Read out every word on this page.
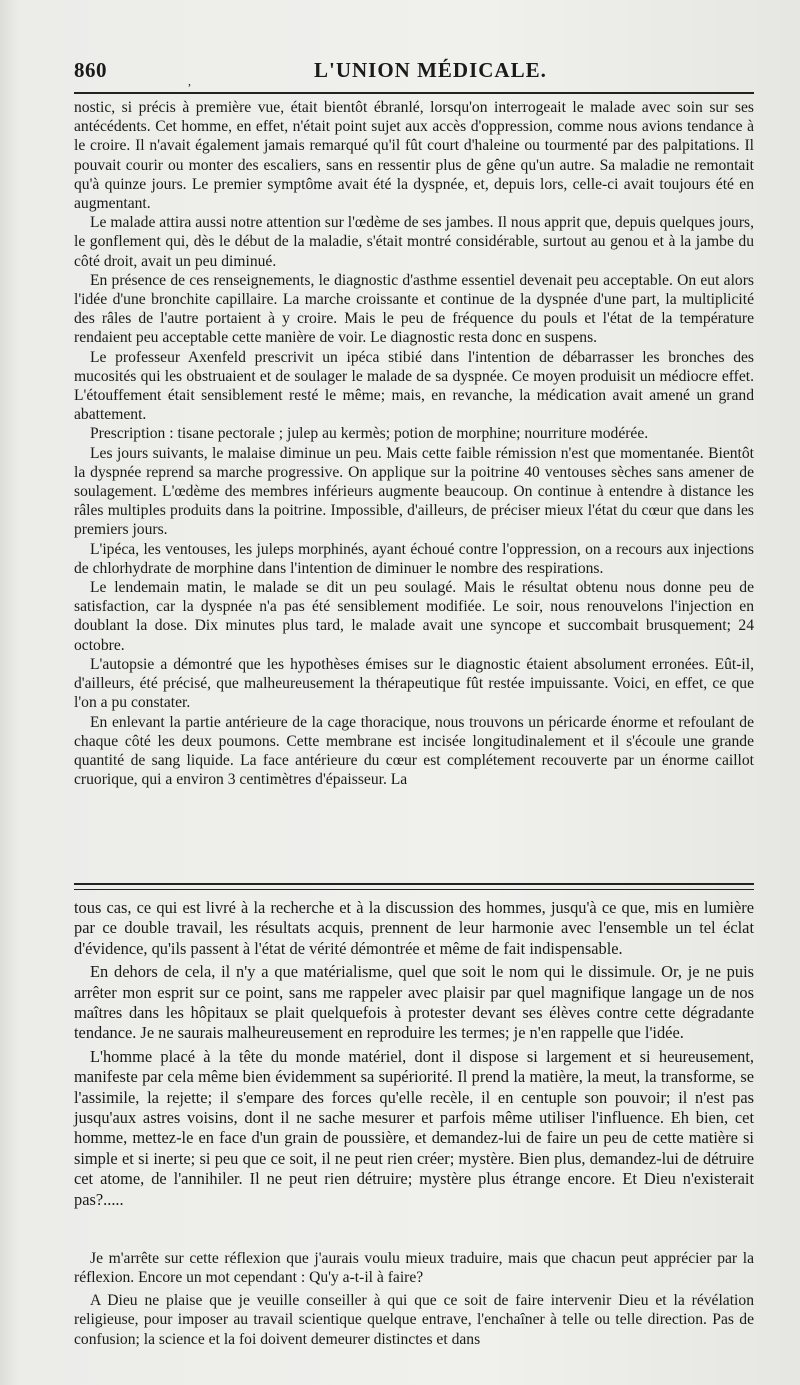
860	L'UNION MÉDICALE.
,

nostic, si précis à première vue, était bientôt ébranlé, lorsqu'on interrogeait le malade avec soin sur ses antécédents. Cet homme, en effet, n'était point sujet aux accès d'oppression, comme nous avions tendance à le croire. Il n'avait également jamais remarqué qu'il fût court d'haleine ou tourmenté par des palpitations. Il pouvait courir ou monter des escaliers, sans en ressentir plus de gêne qu'un autre. Sa maladie ne remontait qu'à quinze jours. Le premier symptôme avait été la dyspnée, et, depuis lors, celle-ci avait toujours été en augmentant.

Le malade attira aussi notre attention sur l'œdème de ses jambes. Il nous apprit que, depuis quelques jours, le gonflement qui, dès le début de la maladie, s'était montré considérable, surtout au genou et à la jambe du côté droit, avait un peu diminué.

En présence de ces renseignements, le diagnostic d'asthme essentiel devenait peu acceptable. On eut alors l'idée d'une bronchite capillaire. La marche croissante et continue de la dyspnée d'une part, la multiplicité des râles de l'autre portaient à y croire. Mais le peu de fréquence du pouls et l'état de la température rendaient peu acceptable cette manière de voir. Le diagnostic resta donc en suspens.

Le professeur Axenfeld prescrivit un ipéca stibié dans l'intention de débarrasser les bronches des mucosités qui les obstruaient et de soulager le malade de sa dyspnée. Ce moyen produisit un médiocre effet. L'étouffement était sensiblement resté le même; mais, en revanche, la médication avait amené un grand abattement.

Prescription : tisane pectorale ; julep au kermès; potion de morphine; nourriture modérée.

Les jours suivants, le malaise diminue un peu. Mais cette faible rémission n'est que momentanée. Bientôt la dyspnée reprend sa marche progressive. On applique sur la poitrine 40 ventouses sèches sans amener de soulagement. L'œdème des membres inférieurs augmente beaucoup. On continue à entendre à distance les râles multiples produits dans la poitrine. Impossible, d'ailleurs, de préciser mieux l'état du cœur que dans les premiers jours.

L'ipéca, les ventouses, les juleps morphinés, ayant échoué contre l'oppression, on a recours aux injections de chlorhydrate de morphine dans l'intention de diminuer le nombre des respirations.

Le lendemain matin, le malade se dit un peu soulagé. Mais le résultat obtenu nous donne peu de satisfaction, car la dyspnée n'a pas été sensiblement modifiée. Le soir, nous renouvelons l'injection en doublant la dose. Dix minutes plus tard, le malade avait une syncope et succombait brusquement; 24 octobre.

L'autopsie a démontré que les hypothèses émises sur le diagnostic étaient absolument erronées. Eût-il, d'ailleurs, été précisé, que malheureusement la thérapeutique fût restée impuissante. Voici, en effet, ce que l'on a pu constater.

En enlevant la partie antérieure de la cage thoracique, nous trouvons un péricarde énorme et refoulant de chaque côté les deux poumons. Cette membrane est incisée longitudinalement et il s'écoule une grande quantité de sang liquide. La face antérieure du cœur est complétement recouverte par un énorme caillot cruorique, qui a environ 3 centimètres d'épaisseur. La

tous cas, ce qui est livré à la recherche et à la discussion des hommes, jusqu'à ce que, mis en lumière par ce double travail, les résultats acquis, prennent de leur harmonie avec l'ensemble un tel éclat d'évidence, qu'ils passent à l'état de vérité démontrée et même de fait indispensable.

En dehors de cela, il n'y a que matérialisme, quel que soit le nom qui le dissimule. Or, je ne puis arrêter mon esprit sur ce point, sans me rappeler avec plaisir par quel magnifique langage un de nos maîtres dans les hôpitaux se plait quelquefois à protester devant ses élèves contre cette dégradante tendance. Je ne saurais malheureusement en reproduire les termes; je n'en rappelle que l'idée.

L'homme placé à la tête du monde matériel, dont il dispose si largement et si heureusement, manifeste par cela même bien évidemment sa supériorité. Il prend la matière, la meut, la transforme, se l'assimile, la rejette; il s'empare des forces qu'elle recèle, il en centuple son pouvoir; il n'est pas jusqu'aux astres voisins, dont il ne sache mesurer et parfois même utiliser l'influence. Eh bien, cet homme, mettez-le en face d'un grain de poussière, et demandez-lui de faire un peu de cette matière si simple et si inerte; si peu que ce soit, il ne peut rien créer; mystère. Bien plus, demandez-lui de détruire cet atome, de l'annihiler. Il ne peut rien détruire; mystère plus étrange encore. Et Dieu n'existerait pas?.....

Je m'arrête sur cette réflexion que j'aurais voulu mieux traduire, mais que chacun peut apprécier par la réflexion. Encore un mot cependant : Qu'y a-t-il à faire?

A Dieu ne plaise que je veuille conseiller à qui que ce soit de faire intervenir Dieu et la révélation religieuse, pour imposer au travail scientique quelque entrave, l'enchaîner à telle ou telle direction. Pas de confusion; la science et la foi doivent demeurer distinctes et dans
